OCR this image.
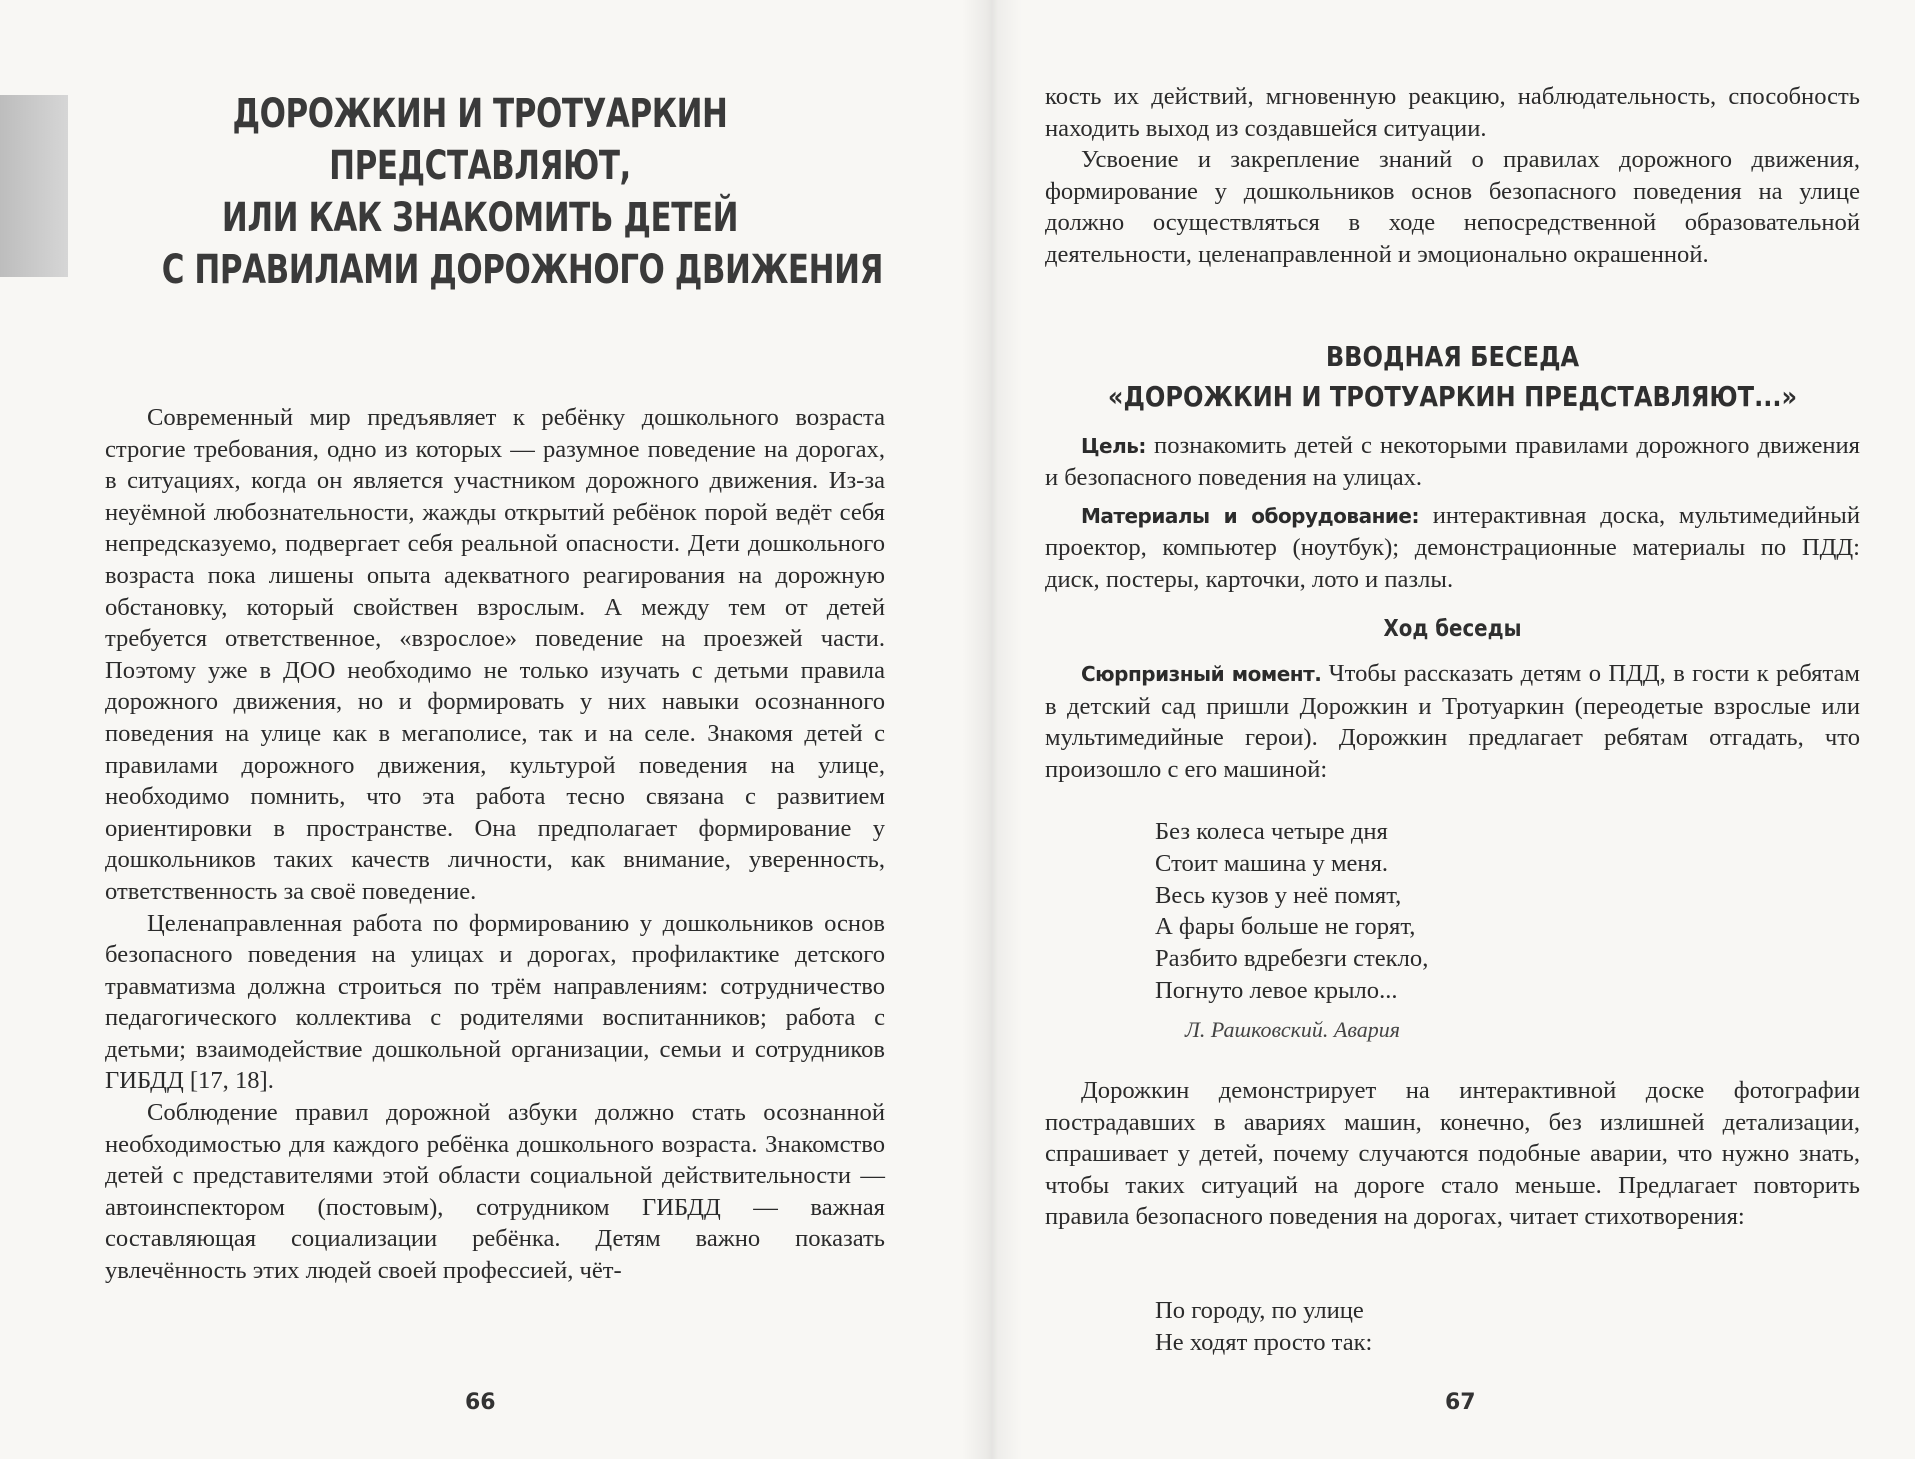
ДОРОЖКИН И ТРОТУАРКИН
ПРЕДСТАВЛЯЮТ,
ИЛИ КАК ЗНАКОМИТЬ ДЕТЕЙ
С ПРАВИЛАМИ ДОРОЖНОГО ДВИЖЕНИЯ

Современный мир предъявляет к ребёнку дошкольного возраста строгие требования, одно из которых — разумное поведение на дорогах, в ситуациях, когда он является участником дорожного движения. Из-за неуёмной любознательности, жажды открытий ребёнок порой ведёт себя непредсказуемо, подвергает себя реальной опасности. Дети дошкольного возраста пока лишены опыта адекватного реагирования на дорожную обстановку, который свойствен взрослым. А между тем от детей требуется ответственное, «взрослое» поведение на проезжей части. Поэтому уже в ДОО необходимо не только изучать с детьми правила дорожного движения, но и формировать у них навыки осознанного поведения на улице как в мегаполисе, так и на селе. Знакомя детей с правилами дорожного движения, культурой поведения на улице, необходимо помнить, что эта работа тесно связана с развитием ориентировки в пространстве. Она предполагает формирование у дошкольников таких качеств личности, как внимание, уверенность, ответственность за своё поведение.

Целенаправленная работа по формированию у дошкольников основ безопасного поведения на улицах и дорогах, профилактике детского травматизма должна строиться по трём направлениям: сотрудничество педагогического коллектива с родителями воспитанников; работа с детьми; взаимодействие дошкольной организации, семьи и сотрудников ГИБДД [17, 18].

Соблюдение правил дорожной азбуки должно стать осознанной необходимостью для каждого ребёнка дошкольного возраста. Знакомство детей с представителями этой области социальной действительности — автоинспектором (постовым), сотрудником ГИБДД — важная составляющая социализации ребёнка. Детям важно показать увлечённость этих людей своей профессией, чёт-

66

кость их действий, мгновенную реакцию, наблюдательность, способность находить выход из создавшейся ситуации.

Усвоение и закрепление знаний о правилах дорожного движения, формирование у дошкольников основ безопасного поведения на улице должно осуществляться в ходе непосредственной образовательной деятельности, целенаправленной и эмоционально окрашенной.

ВВОДНАЯ БЕСЕДА
«ДОРОЖКИН И ТРОТУАРКИН ПРЕДСТАВЛЯЮТ...»

Цель: познакомить детей с некоторыми правилами дорожного движения и безопасного поведения на улицах.

Материалы и оборудование: интерактивная доска, мультимедийный проектор, компьютер (ноутбук); демонстрационные материалы по ПДД: диск, постеры, карточки, лото и пазлы.

Ход беседы

Сюрпризный момент. Чтобы рассказать детям о ПДД, в гости к ребятам в детский сад пришли Дорожкин и Тротуаркин (переодетые взрослые или мультимедийные герои). Дорожкин предлагает ребятам отгадать, что произошло с его машиной:

Без колеса четыре дня
Стоит машина у меня.
Весь кузов у неё помят,
А фары больше не горят,
Разбито вдребезги стекло,
Погнуто левое крыло...
Л. Рашковский. Авария

Дорожкин демонстрирует на интерактивной доске фотографии пострадавших в авариях машин, конечно, без излишней детализации, спрашивает у детей, почему случаются подобные аварии, что нужно знать, чтобы таких ситуаций на дороге стало меньше. Предлагает повторить правила безопасного поведения на дорогах, читает стихотворения:

По городу, по улице
Не ходят просто так:
67
